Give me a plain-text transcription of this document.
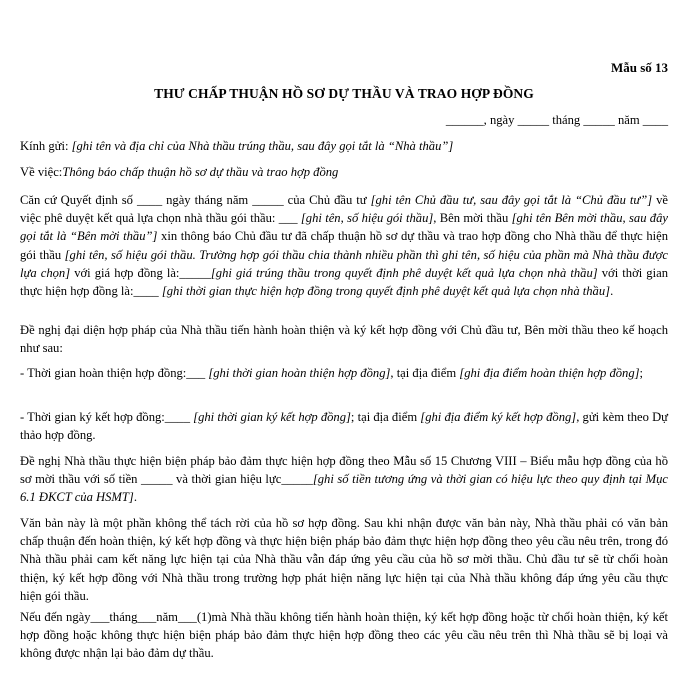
Mẫu số 13
THƯ CHẤP THUẬN HỒ SƠ DỰ THẦU VÀ TRAO HỢP ĐỒNG
______, ngày _____ tháng _____ năm ____
Kính gửi: [ghi tên và địa chỉ của Nhà thầu trúng thầu, sau đây gọi tắt là “Nhà thầu”]
Về việc:Thông báo chấp thuận hồ sơ dự thầu và trao hợp đồng
Căn cứ Quyết định số ____ ngày tháng năm _____ của Chủ đầu tư [ghi tên Chủ đầu tư, sau đây gọi tắt là “Chủ đầu tư”] về việc phê duyệt kết quả lựa chọn nhà thầu gói thầu: ___ [ghi tên, số hiệu gói thầu], Bên mời thầu [ghi tên Bên mời thầu, sau đây gọi tắt là “Bên mời thầu”] xin thông báo Chủ đầu tư đã chấp thuận hồ sơ dự thầu và trao hợp đồng cho Nhà thầu để thực hiện gói thầu [ghi tên, số hiệu gói thầu. Trường hợp gói thầu chia thành nhiều phần thì ghi tên, số hiệu của phần mà Nhà thầu được lựa chọn] với giá hợp đồng là:_____[ghi giá trúng thầu trong quyết định phê duyệt kết quả lựa chọn nhà thầu] với thời gian thực hiện hợp đồng là:____ [ghi thời gian thực hiện hợp đồng trong quyết định phê duyệt kết quả lựa chọn nhà thầu].
Đề nghị đại diện hợp pháp của Nhà thầu tiến hành hoàn thiện và ký kết hợp đồng với Chủ đầu tư, Bên mời thầu theo kế hoạch như sau:
- Thời gian hoàn thiện hợp đồng:___ [ghi thời gian hoàn thiện hợp đồng], tại địa điểm [ghi địa điểm hoàn thiện hợp đồng];
- Thời gian ký kết hợp đồng:____ [ghi thời gian ký kết hợp đồng]; tại địa điểm [ghi địa điểm ký kết hợp đồng], gửi kèm theo Dự thảo hợp đồng.
Đề nghị Nhà thầu thực hiện biện pháp bảo đảm thực hiện hợp đồng theo Mẫu số 15 Chương VIII – Biểu mẫu hợp đồng của hồ sơ mời thầu với số tiền _____ và thời gian hiệu lực_____[ghi số tiền tương ứng và thời gian có hiệu lực theo quy định tại Mục 6.1 ĐKCT của HSMT].
Văn bản này là một phần không thể tách rời của hồ sơ hợp đồng. Sau khi nhận được văn bản này, Nhà thầu phải có văn bản chấp thuận đến hoàn thiện, ký kết hợp đồng và thực hiện biện pháp bảo đảm thực hiện hợp đồng theo yêu cầu nêu trên, trong đó Nhà thầu phải cam kết năng lực hiện tại của Nhà thầu vẫn đáp ứng yêu cầu của hồ sơ mời thầu. Chủ đầu tư sẽ từ chối hoàn thiện, ký kết hợp đồng với Nhà thầu trong trường hợp phát hiện năng lực hiện tại của Nhà thầu không đáp ứng yêu cầu thực hiện gói thầu.
Nếu đến ngày___tháng___năm___(1)mà Nhà thầu không tiến hành hoàn thiện, ký kết hợp đồng hoặc từ chối hoàn thiện, ký kết hợp đồng hoặc không thực hiện biện pháp bảo đảm thực hiện hợp đồng theo các yêu cầu nêu trên thì Nhà thầu sẽ bị loại và không được nhận lại bảo đảm dự thầu.
